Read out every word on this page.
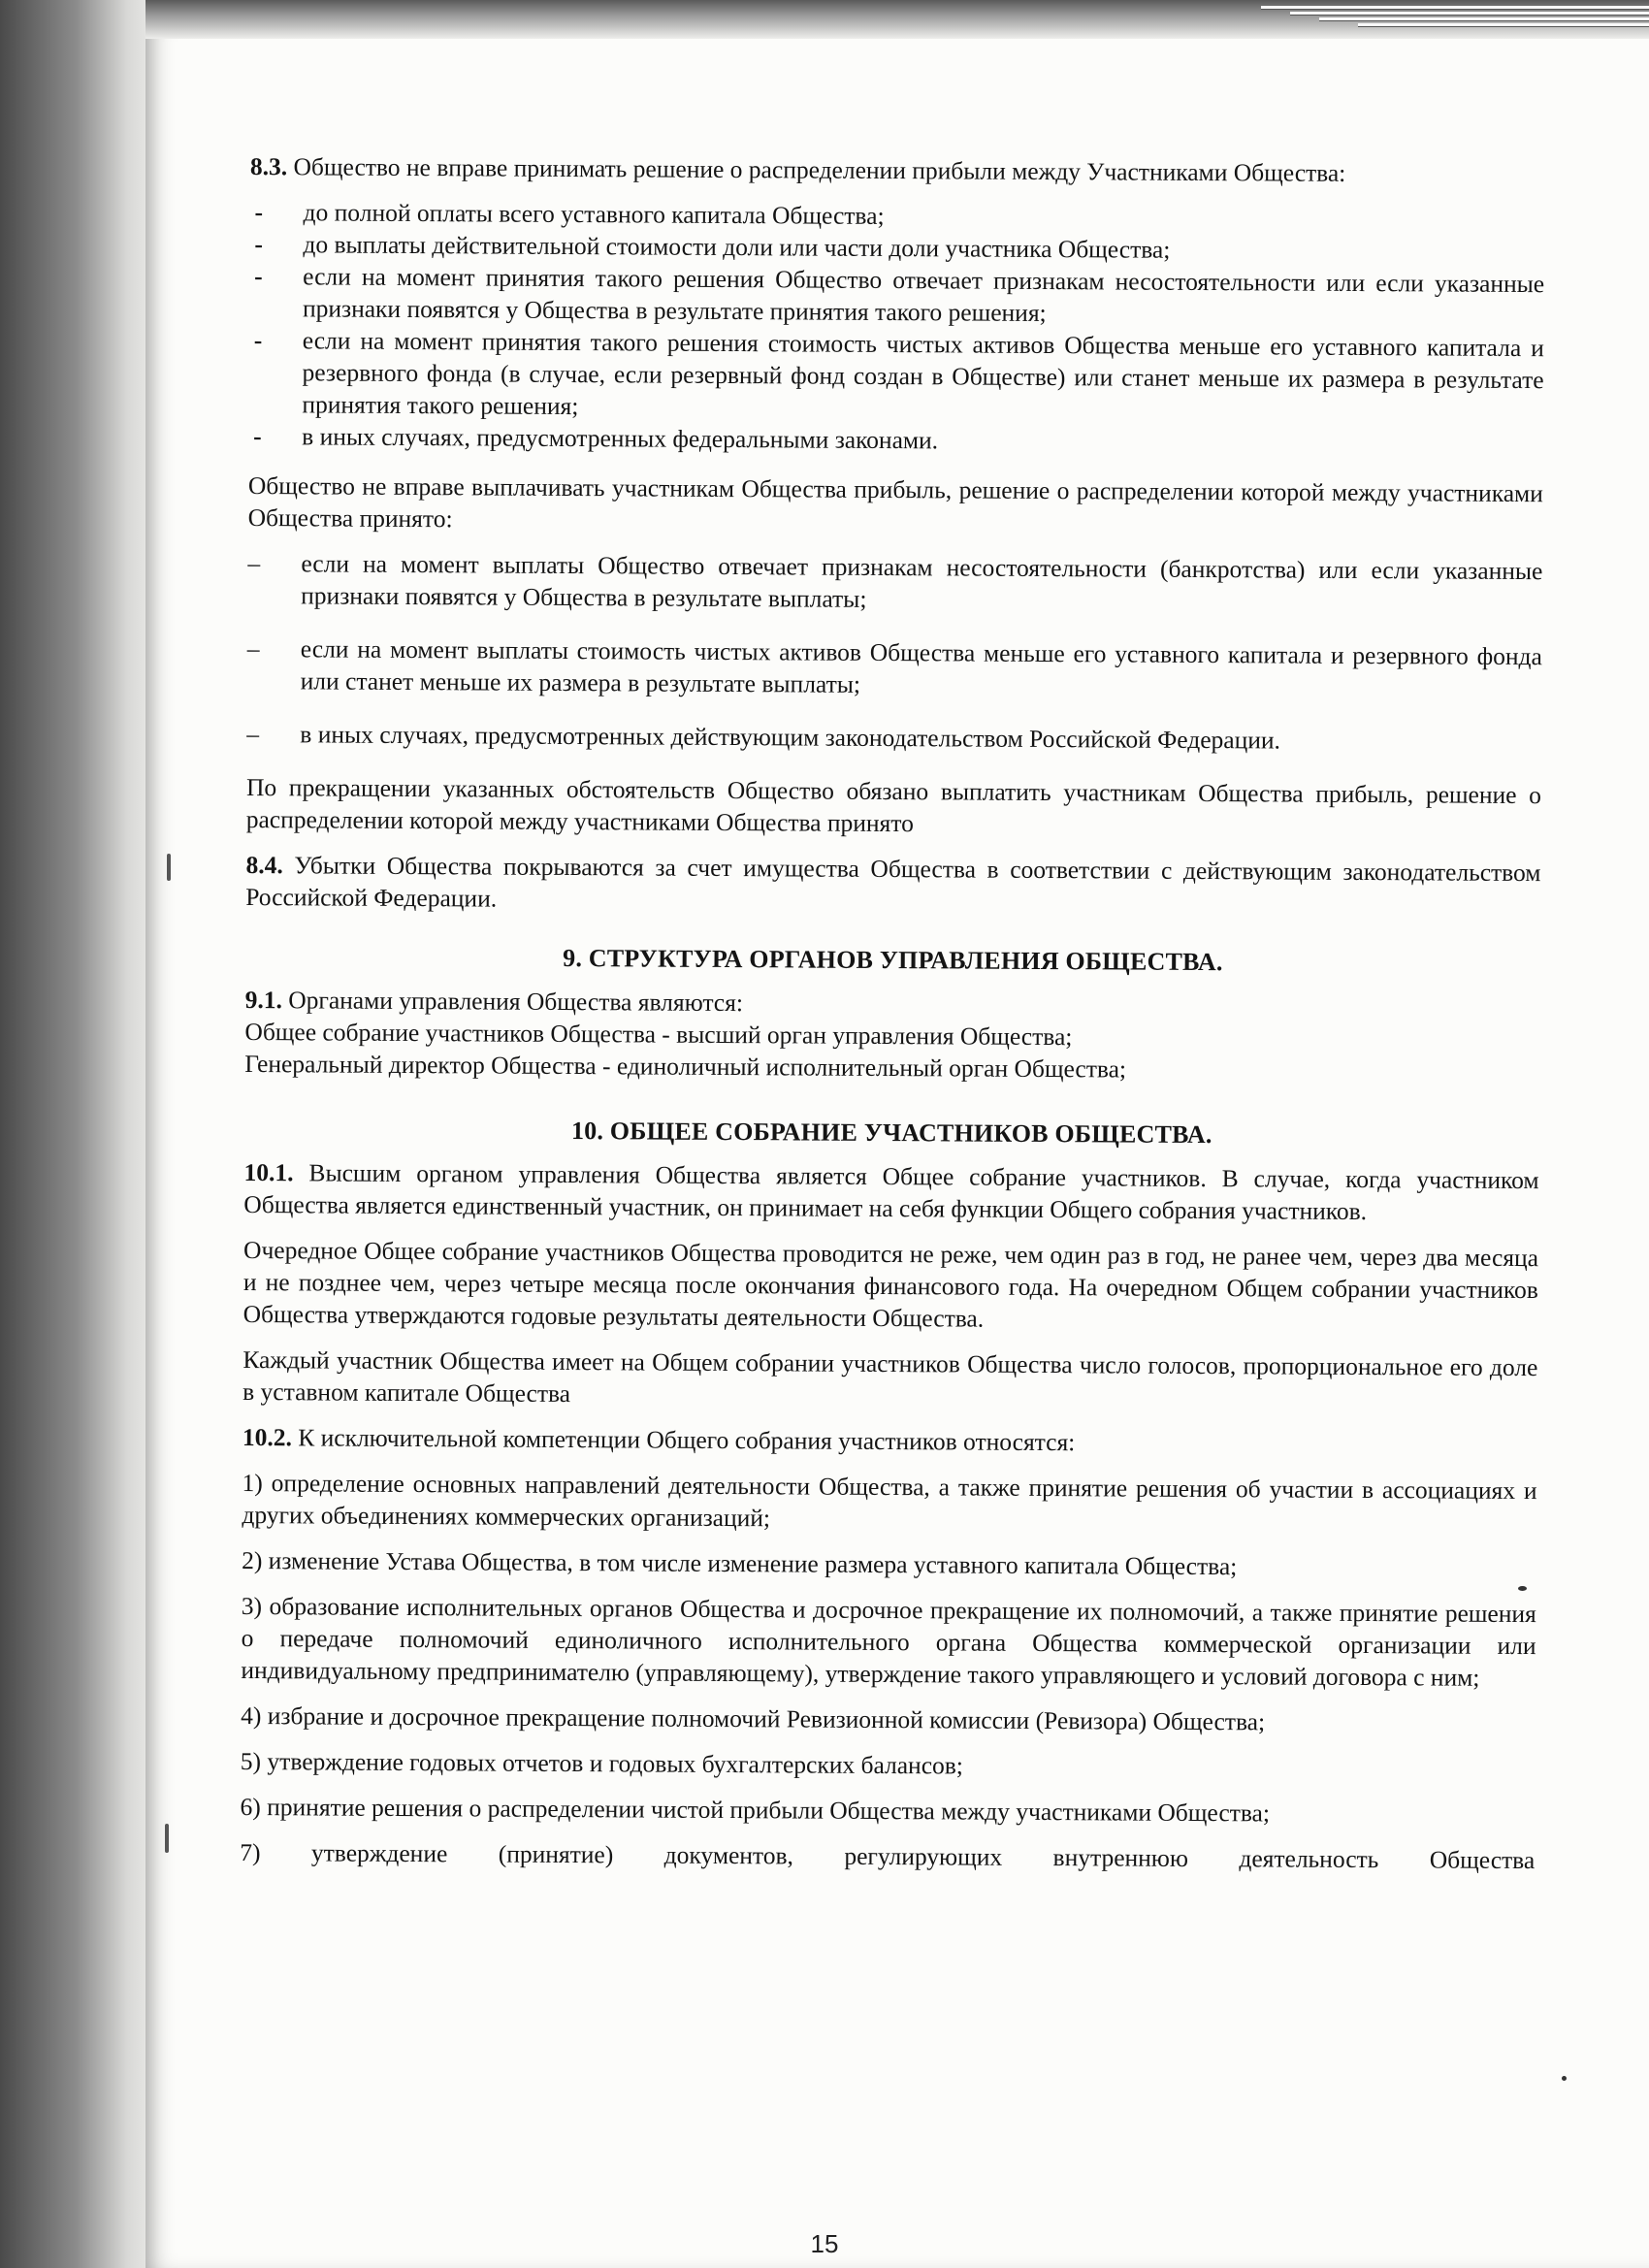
8.3. Общество не вправе принимать решение о распределении прибыли между Участниками Общества:

- до полной оплаты всего уставного капитала Общества;
- до выплаты действительной стоимости доли или части доли участника Общества;
- если на момент принятия такого решения Общество отвечает признакам несостоятельности или если указанные признаки появятся у Общества в результате принятия такого решения;
- если на момент принятия такого решения стоимость чистых активов Общества меньше его уставного капитала и резервного фонда (в случае, если резервный фонд создан в Обществе) или станет меньше их размера в результате принятия такого решения;
- в иных случаях, предусмотренных федеральными законами.

Общество не вправе выплачивать участникам Общества прибыль, решение о распределении которой между участниками Общества принято:

– если на момент выплаты Общество отвечает признакам несостоятельности (банкротства) или если указанные признаки появятся у Общества в результате выплаты;
– если на момент выплаты стоимость чистых активов Общества меньше его уставного капитала и резервного фонда или станет меньше их размера в результате выплаты;
– в иных случаях, предусмотренных действующим законодательством Российской Федерации.

По прекращении указанных обстоятельств Общество обязано выплатить участникам Общества прибыль, решение о распределении которой между участниками Общества принято

8.4. Убытки Общества покрываются за счет имущества Общества в соответствии с действующим законодательством Российской Федерации.

9. СТРУКТУРА ОРГАНОВ УПРАВЛЕНИЯ ОБЩЕСТВА.

9.1. Органами управления Общества являются:

Общее собрание участников Общества - высший орган управления Общества;

Генеральный директор Общества - единоличный исполнительный орган Общества;

10. ОБЩЕЕ СОБРАНИЕ УЧАСТНИКОВ ОБЩЕСТВА.

10.1. Высшим органом управления Общества является Общее собрание участников. В случае, когда участником Общества является единственный участник, он принимает на себя функции Общего собрания участников.

Очередное Общее собрание участников Общества проводится не реже, чем один раз в год, не ранее чем, через два месяца и не позднее чем, через четыре месяца после окончания финансового года. На очередном Общем собрании участников Общества утверждаются годовые результаты деятельности Общества.

Каждый участник Общества имеет на Общем собрании участников Общества число голосов, пропорциональное его доле в уставном капитале Общества

10.2. К исключительной компетенции Общего собрания участников относятся:

1) определение основных направлений деятельности Общества, а также принятие решения об участии в ассоциациях и других объединениях коммерческих организаций;

2) изменение Устава Общества, в том числе изменение размера уставного капитала Общества;

3) образование исполнительных органов Общества и досрочное прекращение их полномочий, а также принятие решения о передаче полномочий единоличного исполнительного органа Общества коммерческой организации или индивидуальному предпринимателю (управляющему), утверждение такого управляющего и условий договора с ним;

4) избрание и досрочное прекращение полномочий Ревизионной комиссии (Ревизора) Общества;

5) утверждение годовых отчетов и годовых бухгалтерских балансов;

6) принятие решения о распределении чистой прибыли Общества между участниками Общества;

7) утверждение (принятие) документов, регулирующих внутреннюю деятельность Общества

15
